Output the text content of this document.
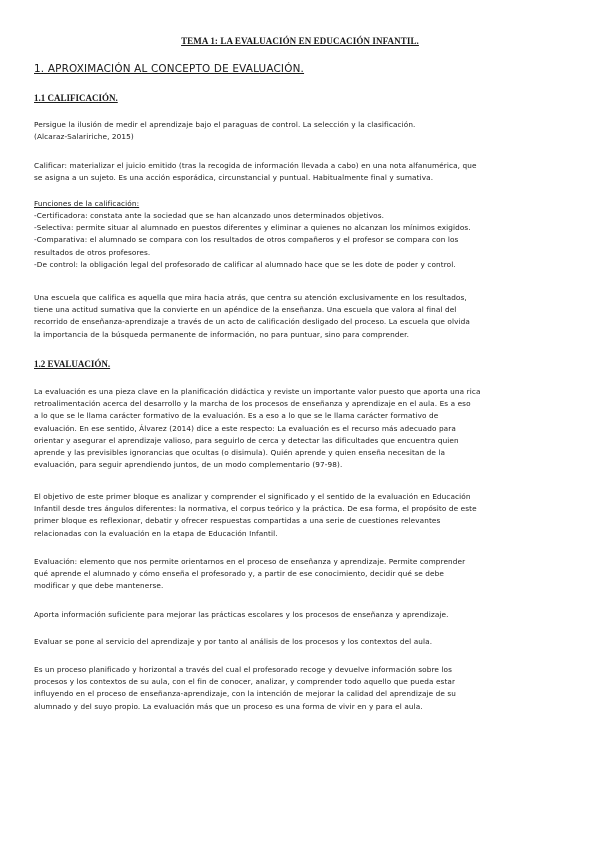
TEMA 1: LA EVALUACIÓN EN EDUCACIÓN INFANTIL.
1. APROXIMACIÓN AL CONCEPTO DE EVALUACIÓN.
1.1 CALIFICACIÓN.
Persigue la ilusión de medir el aprendizaje bajo el paraguas de control. La selección y la clasificación.
(Alcaraz-Salaririche, 2015)
Calificar: materializar el juicio emitido (tras la recogida de información llevada a cabo) en una nota alfanumérica, que
se asigna a un sujeto. Es una acción esporádica, circunstancial y puntual. Habitualmente final y sumativa.
Funciones de la calificación:
-Certificadora: constata ante la sociedad que se han alcanzado unos determinados objetivos.
-Selectiva: permite situar al alumnado en puestos diferentes y eliminar a quienes no alcanzan los mínimos exigidos.
-Comparativa: el alumnado se compara con los resultados de otros compañeros y el profesor se compara con los
resultados de otros profesores.
-De control: la obligación legal del profesorado de calificar al alumnado hace que se les dote de poder y control.
Una escuela que califica es aquella que mira hacia atrás, que centra su atención exclusivamente en los resultados,
tiene una actitud sumativa que la convierte en un apéndice de la enseñanza. Una escuela que valora al final del
recorrido de enseñanza-aprendizaje a través de un acto de calificación desligado del proceso. La escuela que olvida
la importancia de la búsqueda permanente de información, no para puntuar, sino para comprender.
1.2 EVALUACIÓN.
La evaluación es una pieza clave en la planificación didáctica y reviste un importante valor puesto que aporta una rica
retroalimentación acerca del desarrollo y la marcha de los procesos de enseñanza y aprendizaje en el aula. Es a eso
a lo que se le llama carácter formativo de la evaluación. Es a eso a lo que se le llama carácter formativo de
evaluación. En ese sentido, Álvarez (2014) dice a este respecto: La evaluación es el recurso más adecuado para
orientar y asegurar el aprendizaje valioso, para seguirlo de cerca y detectar las dificultades que encuentra quien
aprende y las previsibles ignorancias que ocultas (o disimula). Quién aprende y quien enseña necesitan de la
evaluación, para seguir aprendiendo juntos, de un modo complementario (97-98).
El objetivo de este primer bloque es analizar y comprender el significado y el sentido de la evaluación en Educación
Infantil desde tres ángulos diferentes: la normativa, el corpus teórico y la práctica. De esa forma, el propósito de este
primer bloque es reflexionar, debatir y ofrecer respuestas compartidas a una serie de cuestiones relevantes
relacionadas con la evaluación en la etapa de Educación Infantil.
Evaluación: elemento que nos permite orientarnos en el proceso de enseñanza y aprendizaje. Permite comprender
qué aprende el alumnado y cómo enseña el profesorado y, a partir de ese conocimiento, decidir qué se debe
modificar y que debe mantenerse.
Aporta información suficiente para mejorar las prácticas escolares y los procesos de enseñanza y aprendizaje.
Evaluar se pone al servicio del aprendizaje y por tanto al análisis de los procesos y los contextos del aula.
Es un proceso planificado y horizontal a través del cual el profesorado recoge y devuelve información sobre los
procesos y los contextos de su aula, con el fin de conocer, analizar, y comprender todo aquello que pueda estar
influyendo en el proceso de enseñanza-aprendizaje, con la intención de mejorar la calidad del aprendizaje de su
alumnado y del suyo propio. La evaluación más que un proceso es una forma de vivir en y para el aula.
